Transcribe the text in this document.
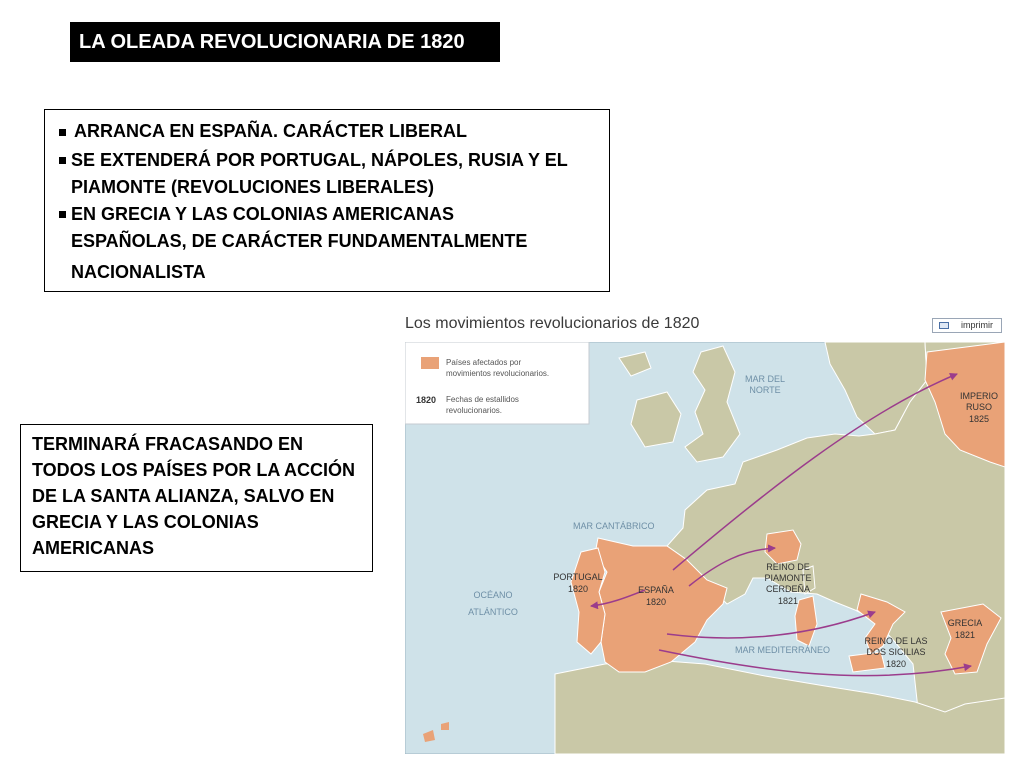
LA OLEADA REVOLUCIONARIA DE 1820
ARRANCA EN ESPAÑA. CARÁCTER LIBERAL
SE EXTENDERÁ POR PORTUGAL, NÁPOLES, RUSIA Y EL
PIAMONTE (REVOLUCIONES LIBERALES)
EN GRECIA Y LAS COLONIAS AMERICANAS
ESPAÑOLAS, DE CARÁCTER FUNDAMENTALMENTE
NACIONALISTA
TERMINARÁ FRACASANDO EN
TODOS LOS PAÍSES POR LA ACCIÓN
DE LA SANTA ALIANZA, SALVO EN
GRECIA Y LAS COLONIAS
AMERICANAS
Los movimientos revolucionarios de 1820	imprimir
Países afectados por
movimientos revolucionarios.
1820 Fechas de estallidos
revolucionarios.
MAR DEL
NORTE
MAR CANTÁBRICO
OCÉANO
ATLÁNTICO
MAR MEDITERRÁNEO
PORTUGAL
1820	ESPAÑA
1820
REINO DE
PIAMONTE
CERDEÑA
1821
REINO DE LAS
DOS SICILIAS
1820
GRECIA
1821
IMPERIO
RUSO
1825
